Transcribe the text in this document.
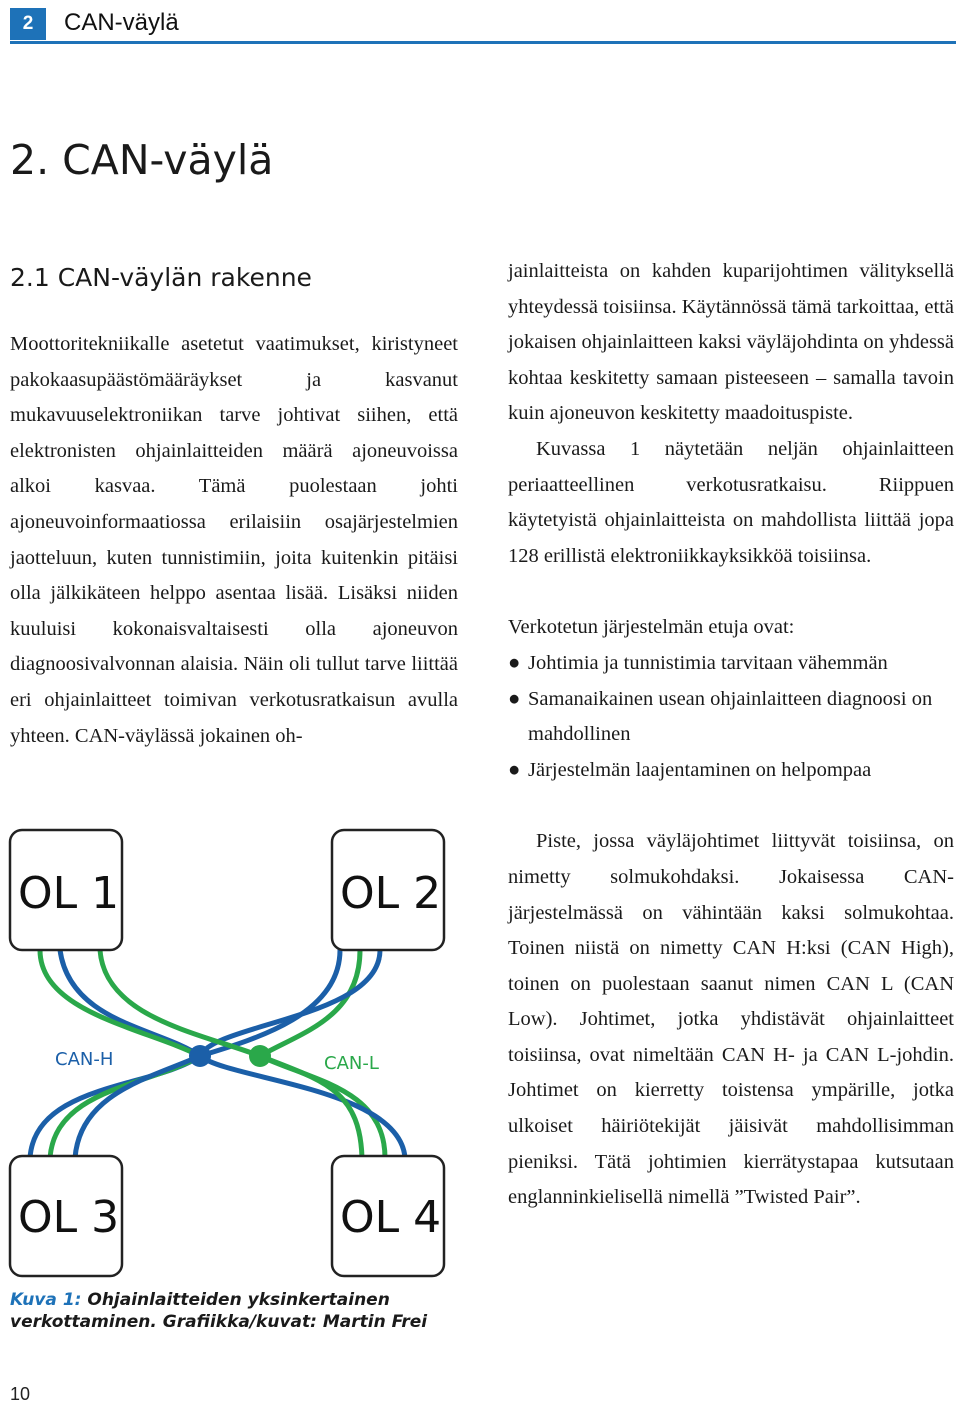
2	CAN-väylä
2. CAN-väylä
2.1 CAN-väylän rakenne

Moottoritekniikalle asetetut vaatimukset, kiristyneet pakokaasupäästömääräykset ja kasvanut mukavuuselektroniikan tarve johtivat siihen, että elektronisten ohjainlaitteiden määrä ajoneuvoissa alkoi kasvaa. Tämä puolestaan johti ajoneuvoinformaatiossa erilaisiin osajärjestelmien jaotteluun, kuten tunnistimiin, joita kuitenkin pitäisi olla jälkikäteen helppo asentaa lisää. Lisäksi niiden kuuluisi kokonaisvaltaisesti olla ajoneuvon diagnoosivalvonnan alaisia. Näin oli tullut tarve liittää eri ohjainlaitteet toimivan verkotusratkaisun avulla yhteen. CAN-väylässä jokainen oh-

jainlaitteista on kahden kuparijohtimen välityksellä yhteydessä toisiinsa. Käytännössä tämä tarkoittaa, että jokaisen ohjainlaitteen kaksi väyläjohdinta on yhdessä kohtaa keskitetty samaan pisteeseen – samalla tavoin kuin ajoneuvon keskitetty maadoituspiste.

Kuvassa 1 näytetään neljän ohjainlaitteen periaatteellinen verkotusratkaisu. Riippuen käytetyistä ohjainlaitteista on mahdollista liittää jopa 128 erillistä elektroniikkayksikköä toisiinsa.

Verkotetun järjestelmän etuja ovat:

● Johtimia ja tunnistimia tarvitaan vähemmän
● Samanaikainen usean ohjainlaitteen diagnoosi on mahdollinen
● Järjestelmän laajentaminen on helpompaa

Piste, jossa väyläjohtimet liittyvät toisiinsa, on nimetty solmukohdaksi. Jokaisessa CAN-järjestelmässä on vähintään kaksi solmukohtaa. Toinen niistä on nimetty CAN H:ksi (CAN High), toinen on puolestaan saanut nimen CAN L (CAN Low). Johtimet, jotka yhdistävät ohjainlaitteet toisiinsa, ovat nimeltään CAN H- ja CAN L-johdin. Johtimet on kierretty toistensa ympärille, jotka ulkoiset häiriötekijät jäisivät mahdollisimman pieniksi. Tätä johtimien kierrätystapaa kutsutaan englanninkielisellä nimellä ”Twisted Pair”.

CAN-H	CAN-L
OL 1	OL 2
OL 3	OL 4
Kuva 1: Ohjainlaitteiden yksinkertainen verkottaminen. Grafiikka/kuvat: Martin Frei
10
